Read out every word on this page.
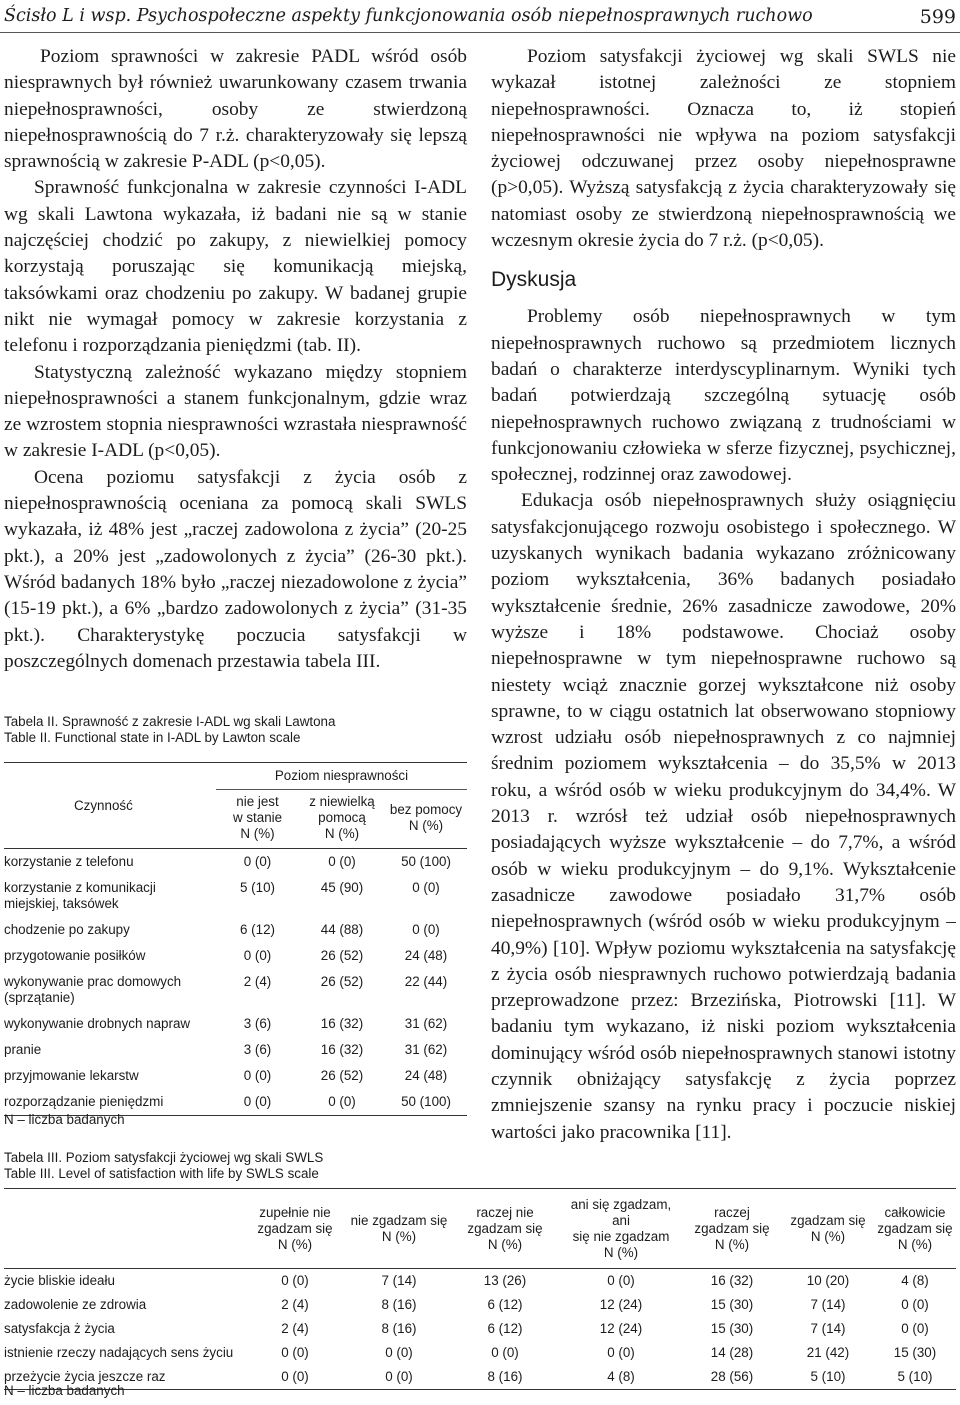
Ścisło L i wsp. Psychospołeczne aspekty funkcjonowania osób niepełnosprawnych ruchowo	599

Poziom sprawności w zakresie PADL wśród osób niesprawnych był również uwarunkowany czasem trwania niepełnosprawności, osoby ze stwierdzoną niepełnosprawnością do 7 r.ż. charakteryzowały się lepszą sprawnością w zakresie P-ADL (p<0,05).

Sprawność funkcjonalna w zakresie czynności I-ADL wg skali Lawtona wykazała, iż badani nie są w stanie najczęściej chodzić po zakupy, z niewielkiej pomocy korzystają poruszając się komunikacją miejską, taksówkami oraz chodzeniu po zakupy. W badanej grupie nikt nie wymagał pomocy w zakresie korzystania z telefonu i rozporządzania pieniędzmi (tab. II).

Statystyczną zależność wykazano między stopniem niepełnosprawności a stanem funkcjonalnym, gdzie wraz ze wzrostem stopnia niesprawności wzrastała niesprawność w zakresie I-ADL (p<0,05).

Ocena poziomu satysfakcji z życia osób z niepełnosprawnością oceniana za pomocą skali SWLS wykazała, iż 48% jest „raczej zadowolona z życia” (20-25 pkt.), a 20% jest „zadowolonych z życia” (26-30 pkt.). Wśród badanych 18% było „raczej niezadowolone z życia” (15-19 pkt.), a 6% „bardzo zadowolonych z życia” (31-35 pkt.). Charakterystykę poczucia satysfakcji w poszczególnych domenach przestawia tabela III.

Poziom satysfakcji życiowej wg skali SWLS nie wykazał istotnej zależności ze stopniem niepełnosprawności. Oznacza to, iż stopień niepełnosprawności nie wpływa na poziom satysfakcji życiowej odczuwanej przez osoby niepełnosprawne (p>0,05). Wyższą satysfakcją z życia charakteryzowały się natomiast osoby ze stwierdzoną niepełnosprawnością we wczesnym okresie życia do 7 r.ż. (p<0,05).

Dyskusja

Problemy osób niepełnosprawnych w tym niepełnosprawnych ruchowo są przedmiotem licznych badań o charakterze interdyscyplinarnym. Wyniki tych badań potwierdzają szczególną sytuację osób niepełnosprawnych ruchowo związaną z trudnościami w funkcjonowaniu człowieka w sferze fizycznej, psychicznej, społecznej, rodzinnej oraz zawodowej.

Edukacja osób niepełnosprawnych służy osiągnięciu satysfakcjonującego rozwoju osobistego i społecznego. W uzyskanych wynikach badania wykazano zróżnicowany poziom wykształcenia, 36% badanych posiadało wykształcenie średnie, 26% zasadnicze zawodowe, 20% wyższe i 18% podstawowe. Chociaż osoby niepełnosprawne w tym niepełnosprawne ruchowo są niestety wciąż znacznie gorzej wykształcone niż osoby sprawne, to w ciągu ostatnich lat obserwowano stopniowy wzrost udziału osób niepełnosprawnych z co najmniej średnim poziomem wykształcenia – do 35,5% w 2013 roku, a wśród osób w wieku produkcyjnym do 34,4%. W 2013 r. wzrósł też udział osób niepełnosprawnych posiadających wyższe wykształcenie – do 7,7%, a wśród osób w wieku produkcyjnym – do 9,1%. Wykształcenie zasadnicze zawodowe posiadało 31,7% osób niepełnosprawnych (wśród osób w wieku produkcyjnym – 40,9%) [10]. Wpływ poziomu wykształcenia na satysfakcję z życia osób niesprawnych ruchowo potwierdzają badania przeprowadzone przez: Brzezińska, Piotrowski [11]. W badaniu tym wykazano, iż niski poziom wykształcenia dominujący wśród osób niepełnosprawnych stanowi istotny czynnik obniżający satysfakcję z życia poprzez zmniejszenie szansy na rynku pracy i poczucie niskiej wartości jako pracownika [11].

Tabela II. Sprawność z zakresie I-ADL wg skali Lawtona
Table II. Functional state in I-ADL by Lawton scale
Czynność	Poziom niesprawności		
	nie jest
w stanie
N (%)	z niewielką
pomocą
N (%)	bez pomocy
N (%)
korzystanie z telefonu	0 (0)	0 (0)	50 (100)
korzystanie z komunikacji
miejskiej, taksówek	5 (10)	45 (90)	0 (0)
chodzenie po zakupy	6 (12)	44 (88)	0 (0)
przygotowanie posiłków	0 (0)	26 (52)	24 (48)
wykonywanie prac domowych
(sprzątanie)	2 (4)	26 (52)	22 (44)
wykonywanie drobnych napraw	3 (6)	16 (32)	31 (62)
pranie	3 (6)	16 (32)	31 (62)
przyjmowanie lekarstw	0 (0)	26 (52)	24 (48)
rozporządzanie pieniędzmi	0 (0)	0 (0)	50 (100)
N – liczba badanych
Tabela III. Poziom satysfakcji życiowej wg skali SWLS
Table III. Level of satisfaction with life by SWLS scale
	zupełnie nie
zgadzam się
N (%)	nie zgadzam się
N (%)	raczej nie
zgadzam się
N (%)	ani się zgadzam, ani
się nie zgadzam
N (%)	raczej
zgadzam się
N (%)	zgadzam się
N (%)	całkowicie
zgadzam się
N (%)
życie bliskie ideału	0 (0)	7 (14)	13 (26)	0 (0)	16 (32)	10 (20)	4 (8)
zadowolenie ze zdrowia	2 (4)	8 (16)	6 (12)	12 (24)	15 (30)	7 (14)	0 (0)
satysfakcja ż życia	2 (4)	8 (16)	6 (12)	12 (24)	15 (30)	7 (14)	0 (0)
istnienie rzeczy nadających sens życiu	0 (0)	0 (0)	0 (0)	0 (0)	14 (28)	21 (42)	15 (30)
przeżycie życia jeszcze raz	0 (0)	0 (0)	8 (16)	4 (8)	28 (56)	5 (10)	5 (10)
N – liczba badanych
